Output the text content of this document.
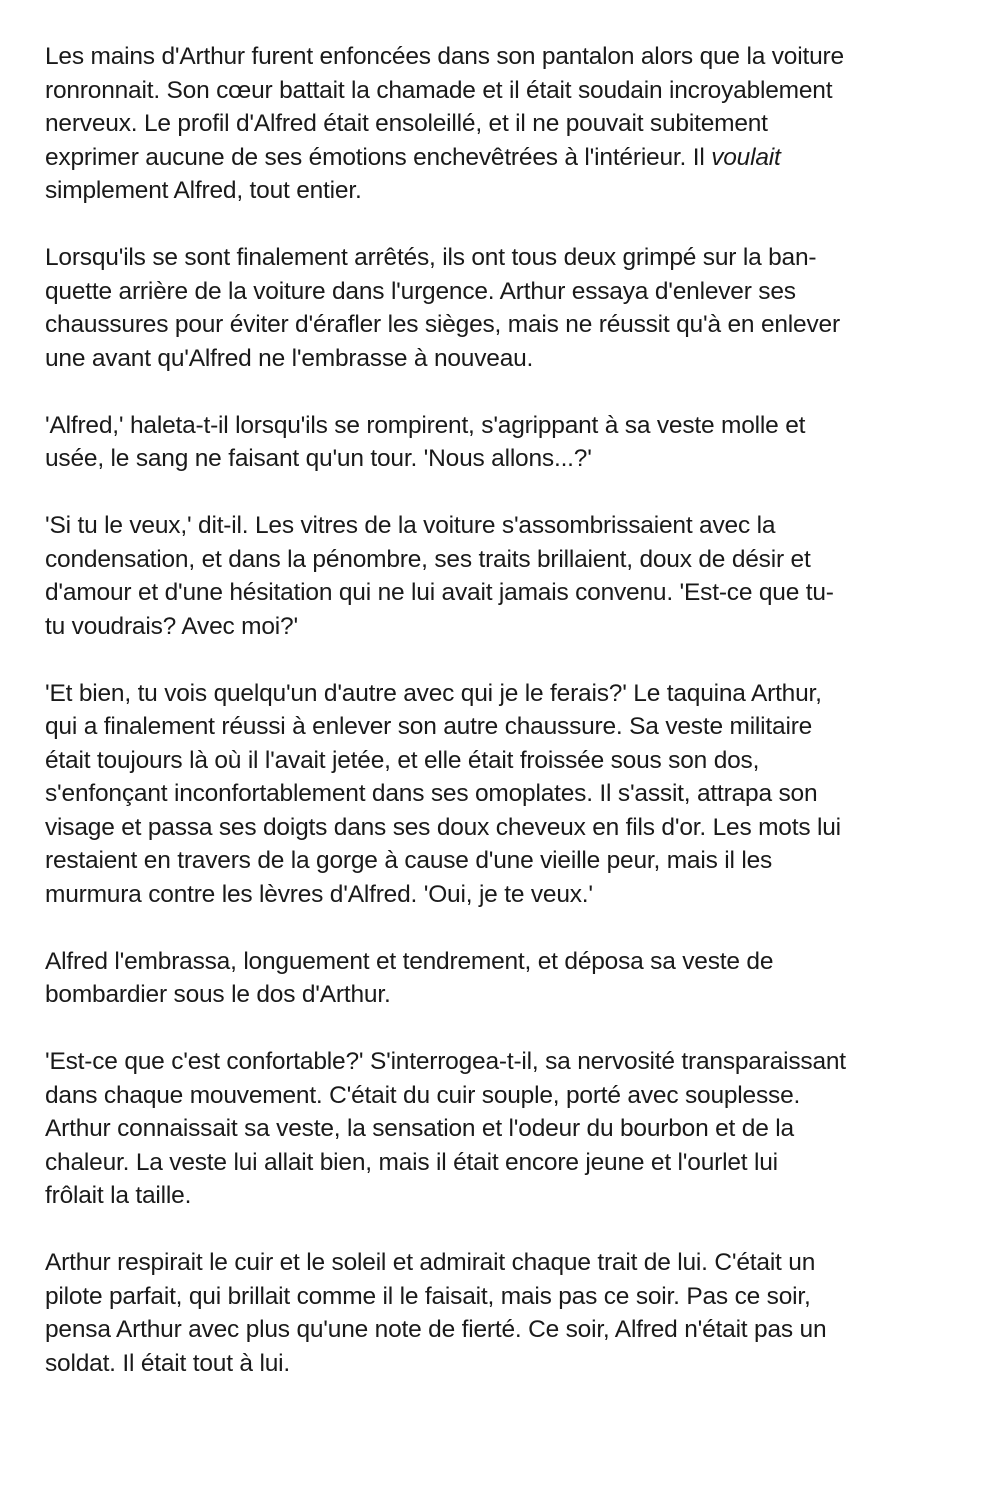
Les mains d'Arthur furent enfoncées dans son pantalon alors que la voiture
ronronnait. Son cœur battait la chamade et il était soudain incroyablement
nerveux. Le profil d'Alfred était ensoleillé, et il ne pouvait subitement
exprimer aucune de ses émotions enchevêtrées à l'intérieur. Il voulait
simplement Alfred, tout entier.

Lorsqu'ils se sont finalement arrêtés, ils ont tous deux grimpé sur la ban-
quette arrière de la voiture dans l'urgence. Arthur essaya d'enlever ses
chaussures pour éviter d'érafler les sièges, mais ne réussit qu'à en enlever
une avant qu'Alfred ne l'embrasse à nouveau.

'Alfred,' haleta-t-il lorsqu'ils se rompirent, s'agrippant à sa veste molle et
usée, le sang ne faisant qu'un tour. 'Nous allons...?'

'Si tu le veux,' dit-il. Les vitres de la voiture s'assombrissaient avec la
condensation, et dans la pénombre, ses traits brillaient, doux de désir et
d'amour et d'une hésitation qui ne lui avait jamais convenu. 'Est-ce que tu-
tu voudrais? Avec moi?'

'Et bien, tu vois quelqu'un d'autre avec qui je le ferais?' Le taquina Arthur,
qui a finalement réussi à enlever son autre chaussure. Sa veste militaire
était toujours là où il l'avait jetée, et elle était froissée sous son dos,
s'enfonçant inconfortablement dans ses omoplates. Il s'assit, attrapa son
visage et passa ses doigts dans ses doux cheveux en fils d'or. Les mots lui
restaient en travers de la gorge à cause d'une vieille peur, mais il les
murmura contre les lèvres d'Alfred. 'Oui, je te veux.'

Alfred l'embrassa, longuement et tendrement, et déposa sa veste de
bombardier sous le dos d'Arthur.

'Est-ce que c'est confortable?' S'interrogea-t-il, sa nervosité transparaissant
dans chaque mouvement. C'était du cuir souple, porté avec souplesse.
Arthur connaissait sa veste, la sensation et l'odeur du bourbon et de la
chaleur. La veste lui allait bien, mais il était encore jeune et l'ourlet lui
frôlait la taille.

Arthur respirait le cuir et le soleil et admirait chaque trait de lui. C'était un
pilote parfait, qui brillait comme il le faisait, mais pas ce soir. Pas ce soir,
pensa Arthur avec plus qu'une note de fierté. Ce soir, Alfred n'était pas un
soldat. Il était tout à lui.
